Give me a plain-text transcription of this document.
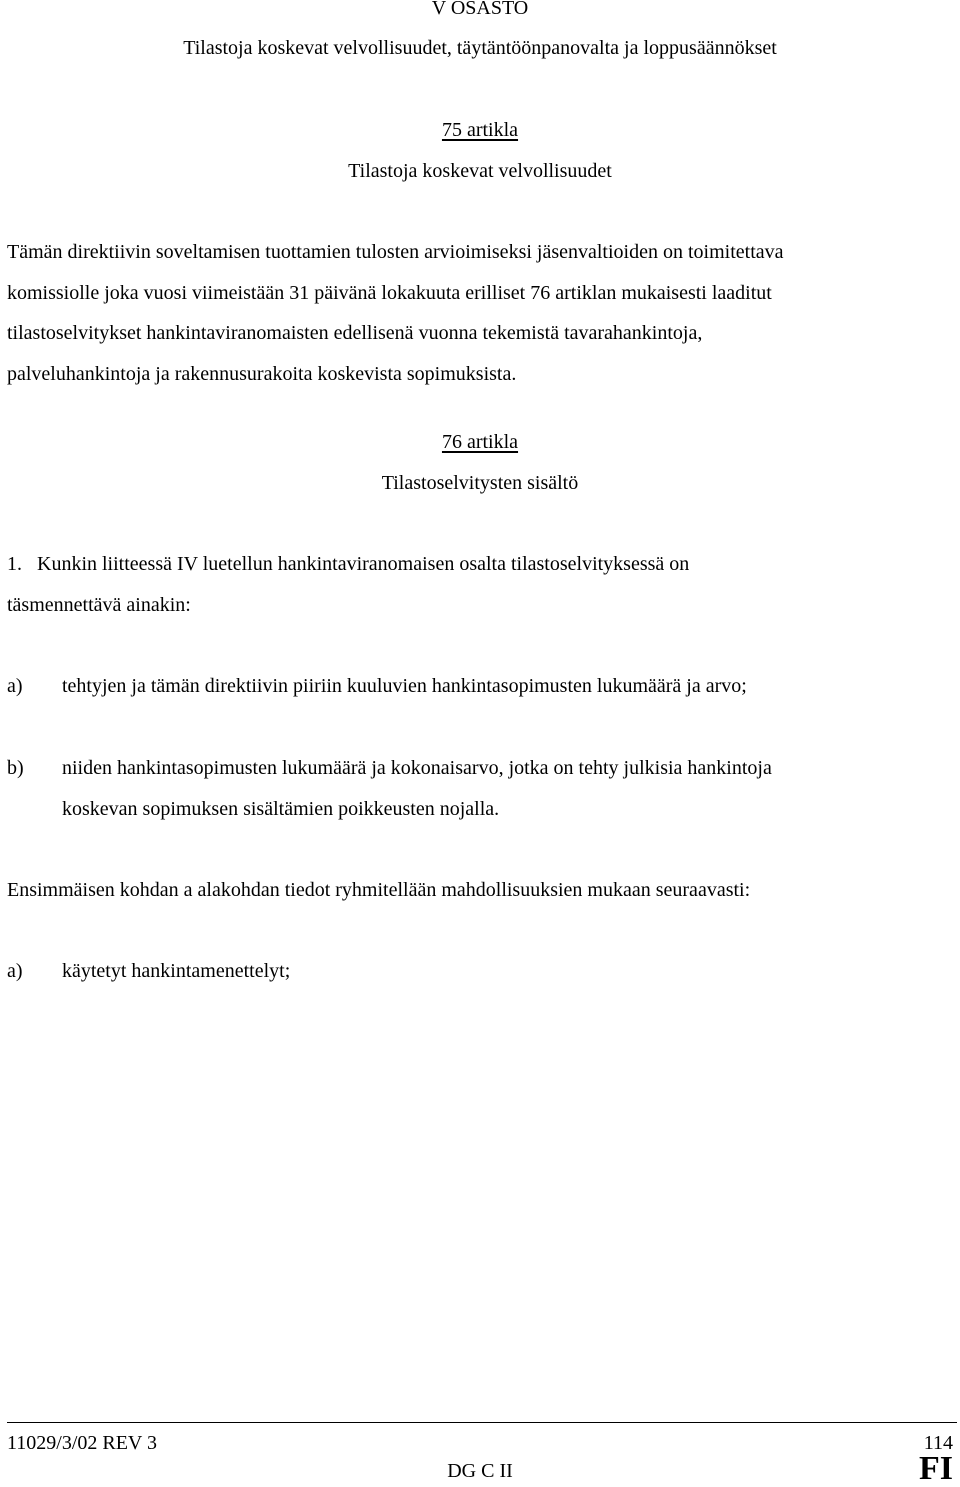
V OSASTO
Tilastoja koskevat velvollisuudet, täytäntöönpanovalta ja loppusäännökset
75 artikla
Tilastoja koskevat velvollisuudet
Tämän direktiivin soveltamisen tuottamien tulosten arvioimiseksi jäsenvaltioiden on toimitettava
komissiolle joka vuosi viimeistään 31 päivänä lokakuuta erilliset 76 artiklan mukaisesti laaditut
tilastoselvitykset hankintaviranomaisten edellisenä vuonna tekemistä tavarahankintoja,
palveluhankintoja ja rakennusurakoita koskevista sopimuksista.
76 artikla
Tilastoselvitysten sisältö
1.   Kunkin liitteessä IV luetellun hankintaviranomaisen osalta tilastoselvityksessä on
täsmennettävä ainakin:
a) tehtyjen ja tämän direktiivin piiriin kuuluvien hankintasopimusten lukumäärä ja arvo;
b) niiden hankintasopimusten lukumäärä ja kokonaisarvo, jotka on tehty julkisia hankintoja
koskevan sopimuksen sisältämien poikkeusten nojalla.
Ensimmäisen kohdan a alakohdan tiedot ryhmitellään mahdollisuuksien mukaan seuraavasti:
a) käytetyt hankintamenettelyt;
11029/3/02 REV 3	114
DG C II	FI
